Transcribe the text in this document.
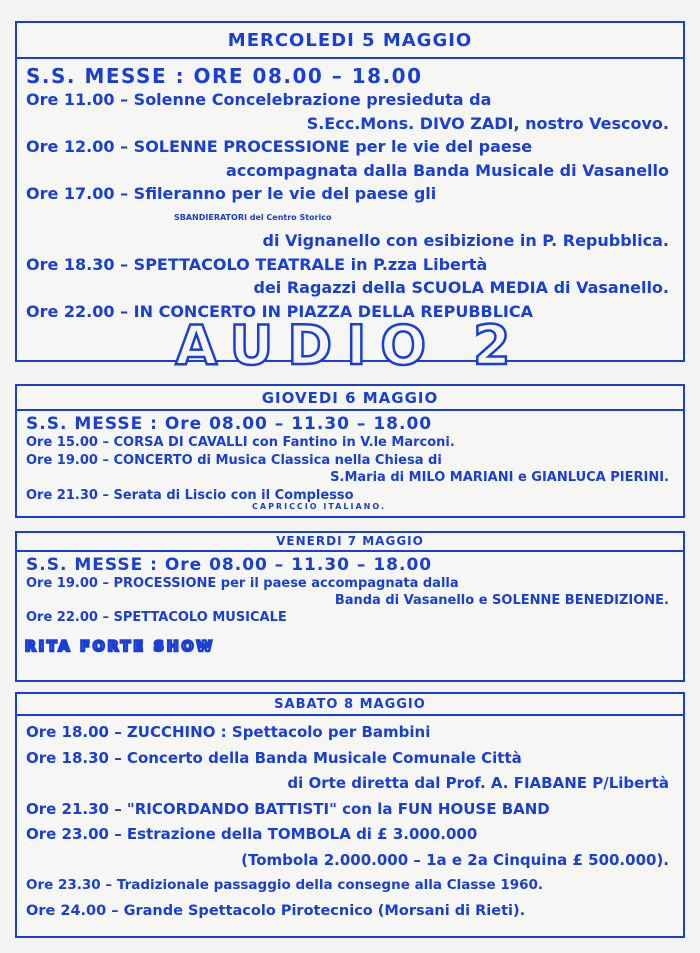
MERCOLEDI 5 MAGGIO
S.S. MESSE : ORE 08.00 – 18.00
Ore 11.00 – Solenne Concelebrazione presieduta da
S.Ecc.Mons. DIVO ZADI, nostro Vescovo.
Ore 12.00 – SOLENNE PROCESSIONE per le vie del paese
accompagnata dalla Banda Musicale di Vasanello
Ore 17.00 – Sfileranno per le vie del paese gli
SBANDIERATORI del Centro Storico
di Vignanello con esibizione in P. Repubblica.
Ore 18.30 – SPETTACOLO TEATRALE in P.zza Libertà
dei Ragazzi della SCUOLA MEDIA di Vasanello.
Ore 22.00 – IN CONCERTO IN PIAZZA DELLA REPUBBLICA
AUDIO 2
GIOVEDI 6 MAGGIO
S.S. MESSE : Ore 08.00 – 11.30 – 18.00
Ore 15.00 – CORSA DI CAVALLI con Fantino in V.le Marconi.
Ore 19.00 – CONCERTO di Musica Classica nella Chiesa di
S.Maria di MILO MARIANI e GIANLUCA PIERINI.
Ore 21.30 – Serata di Liscio con il Complesso
CAPRICCIO ITALIANO.
VENERDI 7 MAGGIO
S.S. MESSE : Ore 08.00 – 11.30 – 18.00
Ore 19.00 – PROCESSIONE per il paese accompagnata dalla
Banda di Vasanello e SOLENNE BENEDIZIONE.
Ore 22.00 – SPETTACOLO MUSICALE
RITA FORTE SHOW
SABATO 8 MAGGIO
Ore 18.00 – ZUCCHINO : Spettacolo per Bambini
Ore 18.30 – Concerto della Banda Musicale Comunale Città
di Orte diretta dal Prof. A. FIABANE P/Libertà
Ore 21.30 – "RICORDANDO BATTISTI" con la FUN HOUSE BAND
Ore 23.00 – Estrazione della TOMBOLA di £ 3.000.000
(Tombola 2.000.000 – 1a e 2a Cinquina £ 500.000).
Ore 23.30 – Tradizionale passaggio della consegne alla Classe 1960.
Ore 24.00 – Grande Spettacolo Pirotecnico (Morsani di Rieti).
